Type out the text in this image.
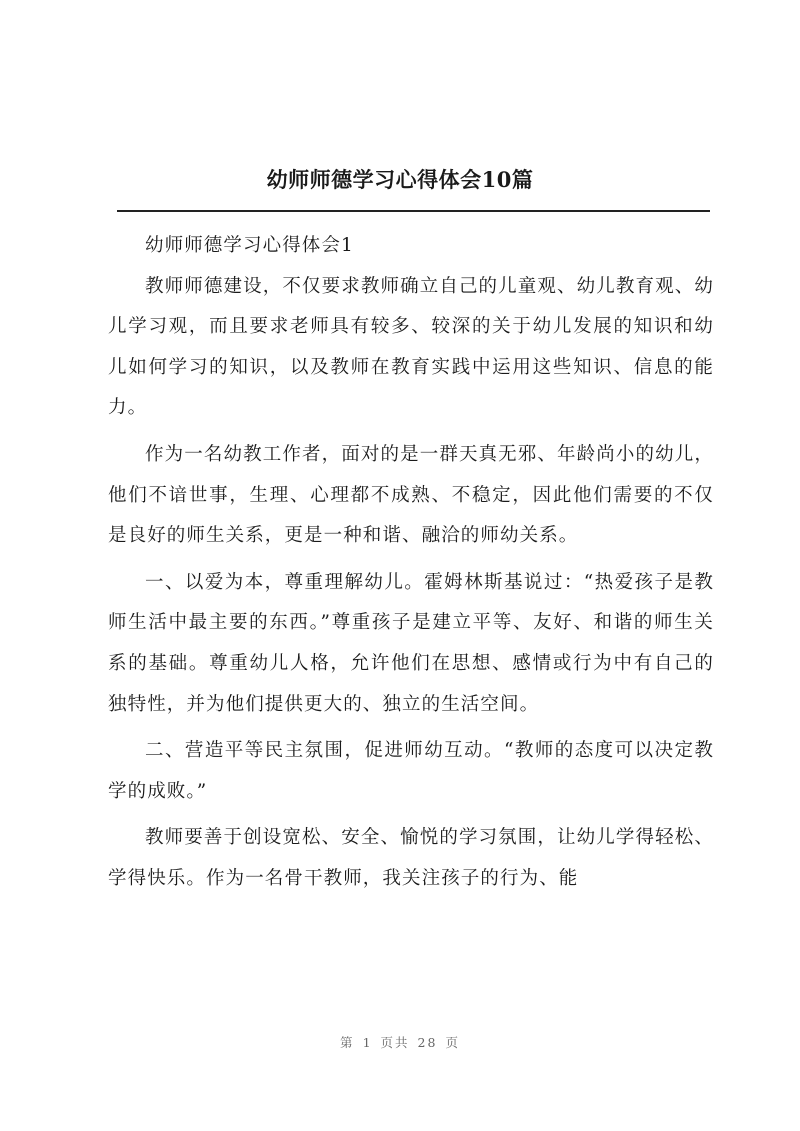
幼师师德学习心得体会10篇

幼师师德学习心得体会1

教师师德建设，不仅要求教师确立自己的儿童观、幼儿教育观、幼儿学习观，而且要求老师具有较多、较深的关于幼儿发展的知识和幼儿如何学习的知识，以及教师在教育实践中运用这些知识、信息的能力。

作为一名幼教工作者，面对的是一群天真无邪、年龄尚小的幼儿，他们不谙世事，生理、心理都不成熟、不稳定，因此他们需要的不仅是良好的师生关系，更是一种和谐、融洽的师幼关系。

一、以爱为本，尊重理解幼儿。霍姆林斯基说过：“热爱孩子是教师生活中最主要的东西。”尊重孩子是建立平等、友好、和谐的师生关系的基础。尊重幼儿人格，允许他们在思想、感情或行为中有自己的独特性，并为他们提供更大的、独立的生活空间。

二、营造平等民主氛围，促进师幼互动。“教师的态度可以决定教学的成败。”

教师要善于创设宽松、安全、愉悦的学习氛围，让幼儿学得轻松、学得快乐。作为一名骨干教师，我关注孩子的行为、能

第 1 页共 28 页
